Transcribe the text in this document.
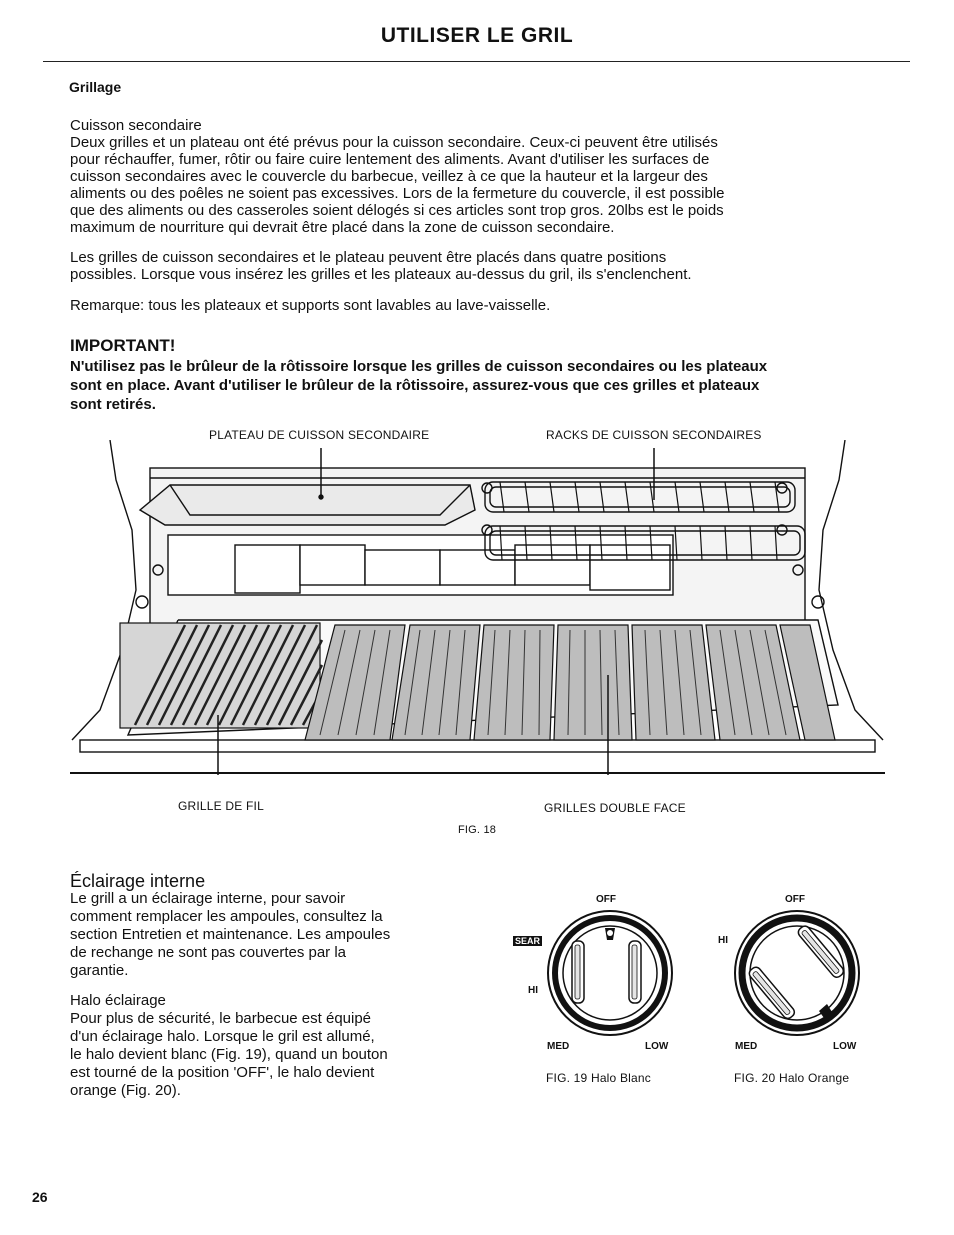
UTILISER LE GRIL
Grillage
Cuisson secondaire
Deux grilles et un plateau ont été prévus pour la cuisson secondaire. Ceux-ci peuvent être utilisés
pour réchauffer, fumer, rôtir ou faire cuire lentement des aliments. Avant d'utiliser les surfaces de
cuisson secondaires avec le couvercle du barbecue, veillez à ce que la hauteur et la largeur des
aliments ou des poêles ne soient pas excessives. Lors de la fermeture du couvercle, il est possible
que des aliments ou des casseroles soient délogés si ces articles sont trop gros. 20lbs est le poids
maximum de nourriture qui devrait être placé dans la zone de cuisson secondaire.
Les grilles de cuisson secondaires et le plateau peuvent être placés dans quatre positions
possibles. Lorsque vous insérez les grilles et les plateaux au-dessus du gril, ils s'enclenchent.
Remarque: tous les plateaux et supports sont lavables au lave-vaisselle.
IMPORTANT!
N'utilisez pas le brûleur de la rôtissoire lorsque les grilles de cuisson secondaires ou les plateaux
sont en place. Avant d'utiliser le brûleur de la rôtissoire, assurez-vous que ces grilles et plateaux
sont retirés.
PLATEAU DE CUISSON SECONDAIRE	RACKS DE CUISSON SECONDAIRES
GRILLE DE FIL	GRILLES DOUBLE FACE
FIG. 18
Éclairage interne
Le grill a un éclairage interne, pour savoir
comment remplacer les ampoules, consultez la
section Entretien et maintenance. Les ampoules
de rechange ne sont pas couvertes par la
garantie.
Halo éclairage
Pour plus de sécurité, le barbecue est équipé
d'un éclairage halo. Lorsque le gril est allumé,
le halo devient blanc (Fig. 19), quand un bouton
est tourné de la position 'OFF', le halo devient
orange (Fig. 20).
OFF
SEAR
HI
MED	LOW
FIG. 19 Halo Blanc
OFF
HI
MED	LOW
FIG. 20 Halo Orange
26
